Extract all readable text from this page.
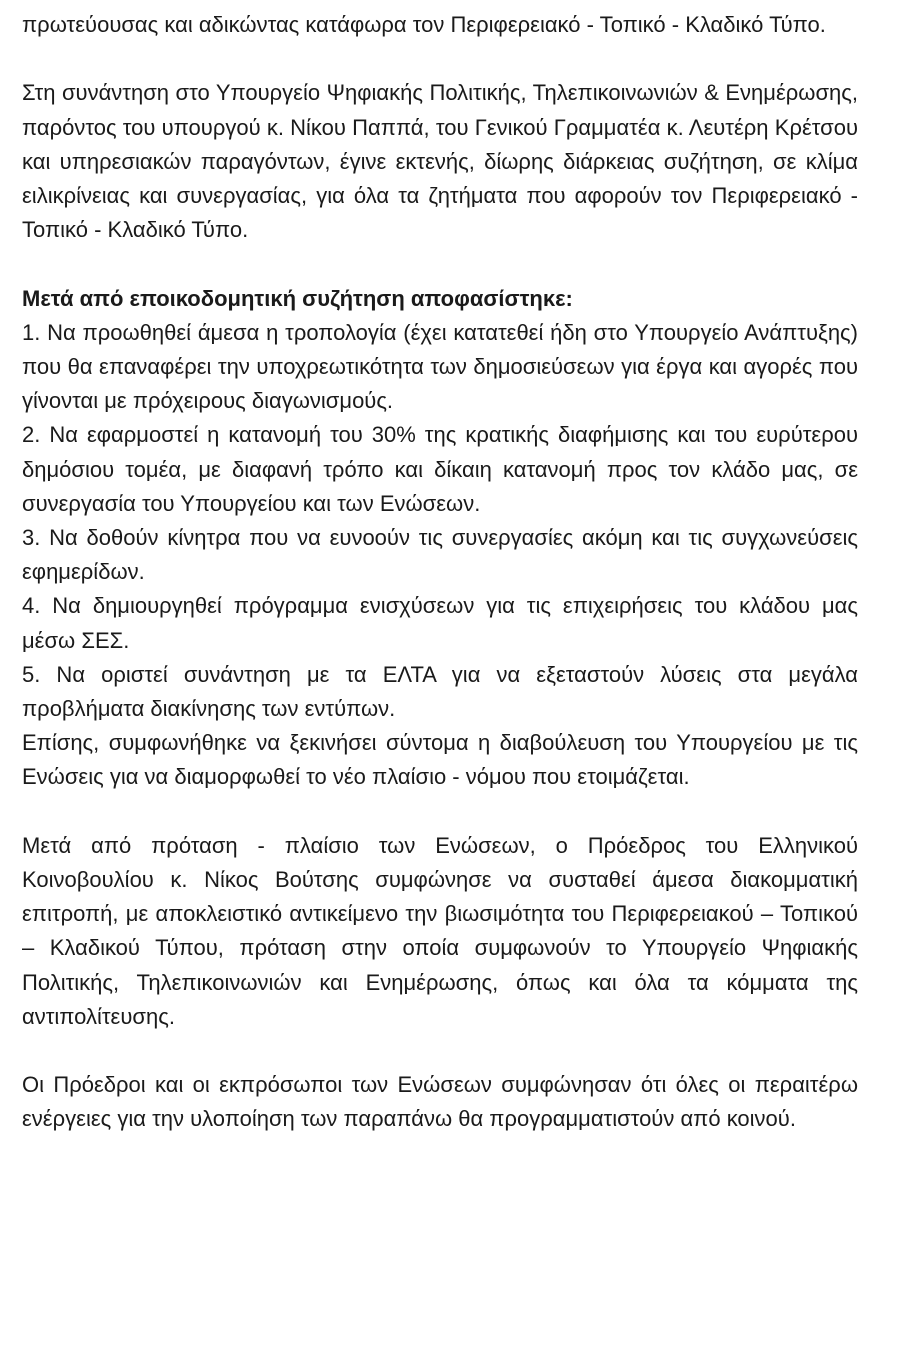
πρωτεύουσας και αδικώντας κατάφωρα τον Περιφερειακό - Τοπικό - Κλαδικό Τύπο.

Στη συνάντηση στο Υπουργείο Ψηφιακής Πολιτικής, Τηλεπικοινωνιών & Ενημέρωσης, παρόντος του υπουργού κ. Νίκου Παππά, του Γενικού Γραμματέα κ. Λευτέρη Κρέτσου και υπηρεσιακών παραγόντων, έγινε εκτενής, δίωρης διάρκειας συζήτηση, σε κλίμα ειλικρίνειας και συνεργασίας, για όλα τα ζητήματα που αφορούν τον Περιφερειακό - Τοπικό - Κλαδικό Τύπο.

Μετά από εποικοδομητική συζήτηση αποφασίστηκε:

1. Να προωθηθεί άμεσα η τροπολογία (έχει κατατεθεί ήδη στο Υπουργείο Ανάπτυξης) που θα επαναφέρει την υποχρεωτικότητα των δημοσιεύσεων για έργα και αγορές που γίνονται με πρόχειρους διαγωνισμούς.

2. Να εφαρμοστεί η κατανομή του 30% της κρατικής διαφήμισης και του ευρύτερου δημόσιου τομέα, με διαφανή τρόπο και δίκαιη κατανομή προς τον κλάδο μας, σε συνεργασία του Υπουργείου και των Ενώσεων.

3. Να δοθούν κίνητρα που να ευνοούν τις συνεργασίες ακόμη και τις συγχωνεύσεις εφημερίδων.

4. Να δημιουργηθεί πρόγραμμα ενισχύσεων για τις επιχειρήσεις του κλάδου μας μέσω ΣΕΣ.

5. Να οριστεί συνάντηση με τα ΕΛΤΑ για να εξεταστούν λύσεις στα μεγάλα προβλήματα διακίνησης των εντύπων.

Επίσης, συμφωνήθηκε να ξεκινήσει σύντομα η διαβούλευση του Υπουργείου με τις Ενώσεις για να διαμορφωθεί το νέο πλαίσιο - νόμου που ετοιμάζεται.

Μετά από πρόταση - πλαίσιο των Ενώσεων, ο Πρόεδρος του Ελληνικού Κοινοβουλίου κ. Νίκος Βούτσης συμφώνησε να συσταθεί άμεσα διακομματική επιτροπή, με αποκλειστικό αντικείμενο την βιωσιμότητα του Περιφερειακού – Τοπικού – Κλαδικού Τύπου, πρόταση στην οποία συμφωνούν το Υπουργείο Ψηφιακής Πολιτικής, Τηλεπικοινωνιών και Ενημέρωσης, όπως και όλα τα κόμματα της αντιπολίτευσης.

Οι Πρόεδροι και οι εκπρόσωποι των Ενώσεων συμφώνησαν ότι όλες οι περαιτέρω ενέργειες για την υλοποίηση των παραπάνω θα προγραμματιστούν από κοινού.
